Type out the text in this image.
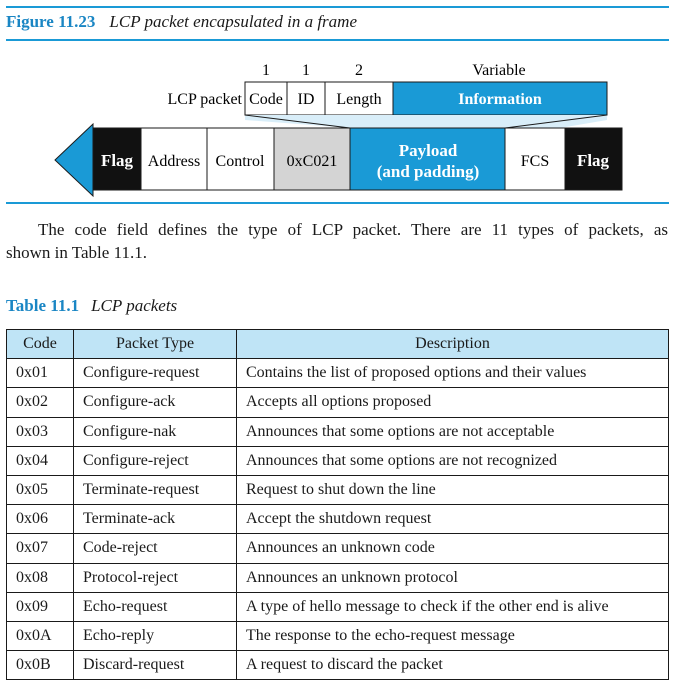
Figure 11.23 LCP packet encapsulated in a frame
1 1	2	Variable
LCP packet Code ID Length	Information
Flag Address Control 0xC021
Payload
(and padding)
FCS Flag
The code field defines the type of LCP packet. There are 11 types of packets, as
shown in Table 11.1.
Table 11.1 LCP packets
Code	Packet Type	Description
0x01	Configure-request	Contains the list of proposed options and their values
0x02	Configure-ack	Accepts all options proposed
0x03	Configure-nak	Announces that some options are not acceptable
0x04	Configure-reject	Announces that some options are not recognized
0x05	Terminate-request	Request to shut down the line
0x06	Terminate-ack	Accept the shutdown request
0x07	Code-reject	Announces an unknown code
0x08	Protocol-reject	Announces an unknown protocol
0x09	Echo-request	A type of hello message to check if the other end is alive
0x0A	Echo-reply	The response to the echo-request message
0x0B	Discard-request	A request to discard the packet
